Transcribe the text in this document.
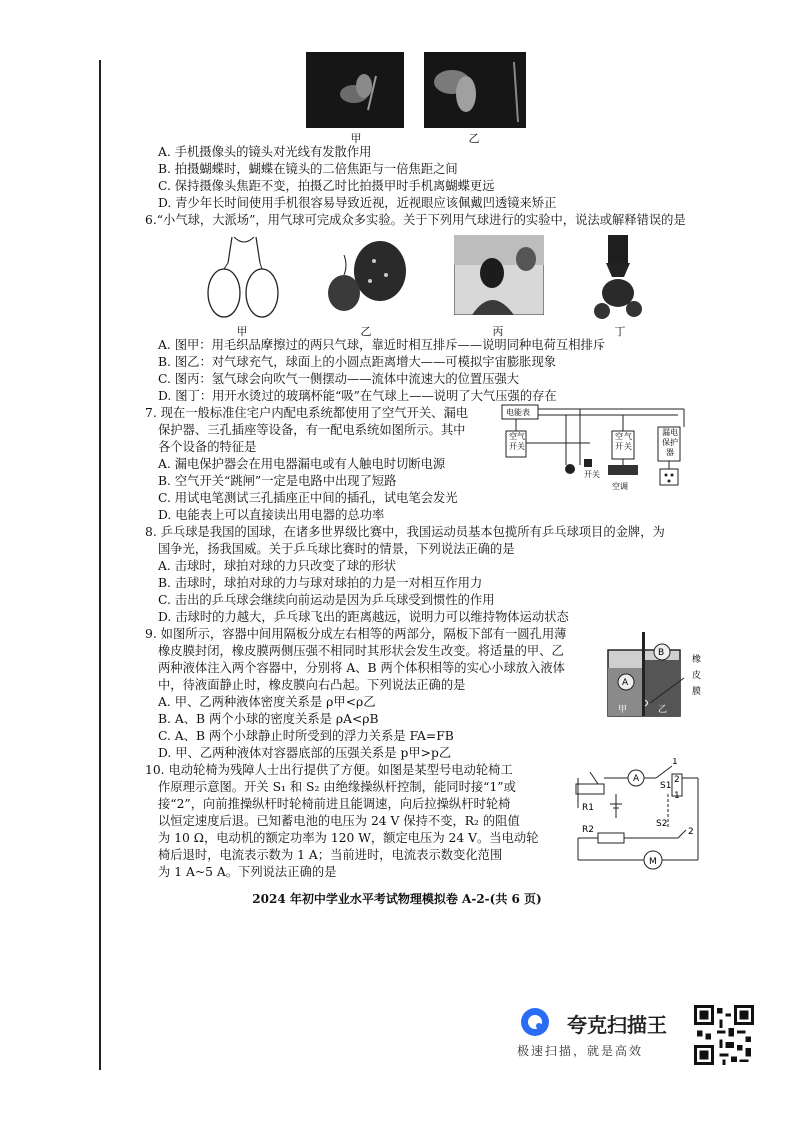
甲	乙
A. 手机摄像头的镜头对光线有发散作用
B. 拍摄蝴蝶时，蝴蝶在镜头的二倍焦距与一倍焦距之间
C. 保持摄像头焦距不变，拍摄乙时比拍摄甲时手机离蝴蝶更远
D. 青少年长时间使用手机很容易导致近视，近视眼应该佩戴凹透镜来矫正
6.“小气球，大派场”，用气球可完成众多实验。关于下列用气球进行的实验中，说法或解释错误的是
甲	乙	丙	丁
A. 图甲：用毛织品摩擦过的两只气球，靠近时相互排斥——说明同种电荷互相排斥
B. 图乙：对气球充气，球面上的小圆点距离增大——可模拟宇宙膨胀现象
C. 图丙：氢气球会向吹气一侧摆动——流体中流速大的位置压强大
D. 图丁：用开水烫过的玻璃杯能“吸”在气球上——说明了大气压强的存在
7. 现在一般标准住宅户内配电系统都使用了空气开关、漏电
保护器、三孔插座等设备，有一配电系统如图所示。其中
各个设备的特征是
A. 漏电保护器会在用电器漏电或有人触电时切断电源
B. 空气开关“跳闸”一定是电路中出现了短路
C. 用试电笔测试三孔插座正中间的插孔，试电笔会发光
电能表
空 气
开 关
开关
空 气
开 关
空调
漏 电
保 护
器
D. 电能表上可以直接读出用电器的总功率
8. 乒乓球是我国的国球，在诸多世界级比赛中，我国运动员基本包揽所有乒乓球项目的金牌，为
国争光，扬我国威。关于乒乓球比赛时的情景，下列说法正确的是
A. 击球时，球拍对球的力只改变了球的形状
B. 击球时，球拍对球的力与球对球拍的力是一对相互作用力
C. 击出的乒乓球会继续向前运动是因为乒乓球受到惯性的作用
D. 击球时的力越大，乒乓球飞出的距离越远，说明力可以维持物体运动状态
9. 如图所示，容器中间用隔板分成左右相等的两部分，隔板下部有一圆孔用薄
橡皮膜封闭，橡皮膜两侧压强不相同时其形状会发生改变。将适量的甲、乙
两种液体注入两个容器中，分别将 A、B 两个体积相等的实心小球放入液体
中，待液面静止时，橡皮膜向右凸起。下列说法正确的是
A. 甲、乙两种液体密度关系是 ρ甲<ρ乙
B. A、B 两个小球的密度关系是 ρA<ρB
C. A、B 两个小球静止时所受到的浮力关系是 FA=FB
D. 甲、乙两种液体对容器底部的压强关系是 p甲>p乙
A
B
甲	乙
橡
皮
膜
10. 电动轮椅为残障人士出行提供了方便。如图是某型号电动轮椅工
作原理示意图。开关 S₁ 和 S₂ 由绝缘操纵杆控制，能同时接“1”或
接“2”，向前推操纵杆时轮椅前进且能调速，向后拉操纵杆时轮椅
以恒定速度后退。已知蓄电池的电压为 24 V 保持不变，R₂ 的阻值
为 10 Ω，电动机的额定功率为 120 W，额定电压为 24 V。当电动轮
椅后退时，电流表示数为 1 A；当前进时，电流表示数变化范围
为 1 A~5 A。下列说法正确的是
R1
A
1
S1
2
1
S2
R2	2
M
2024 年初中学业水平考试物理模拟卷 A-2-(共 6 页)
夸克扫描王
极速扫描，就是高效
